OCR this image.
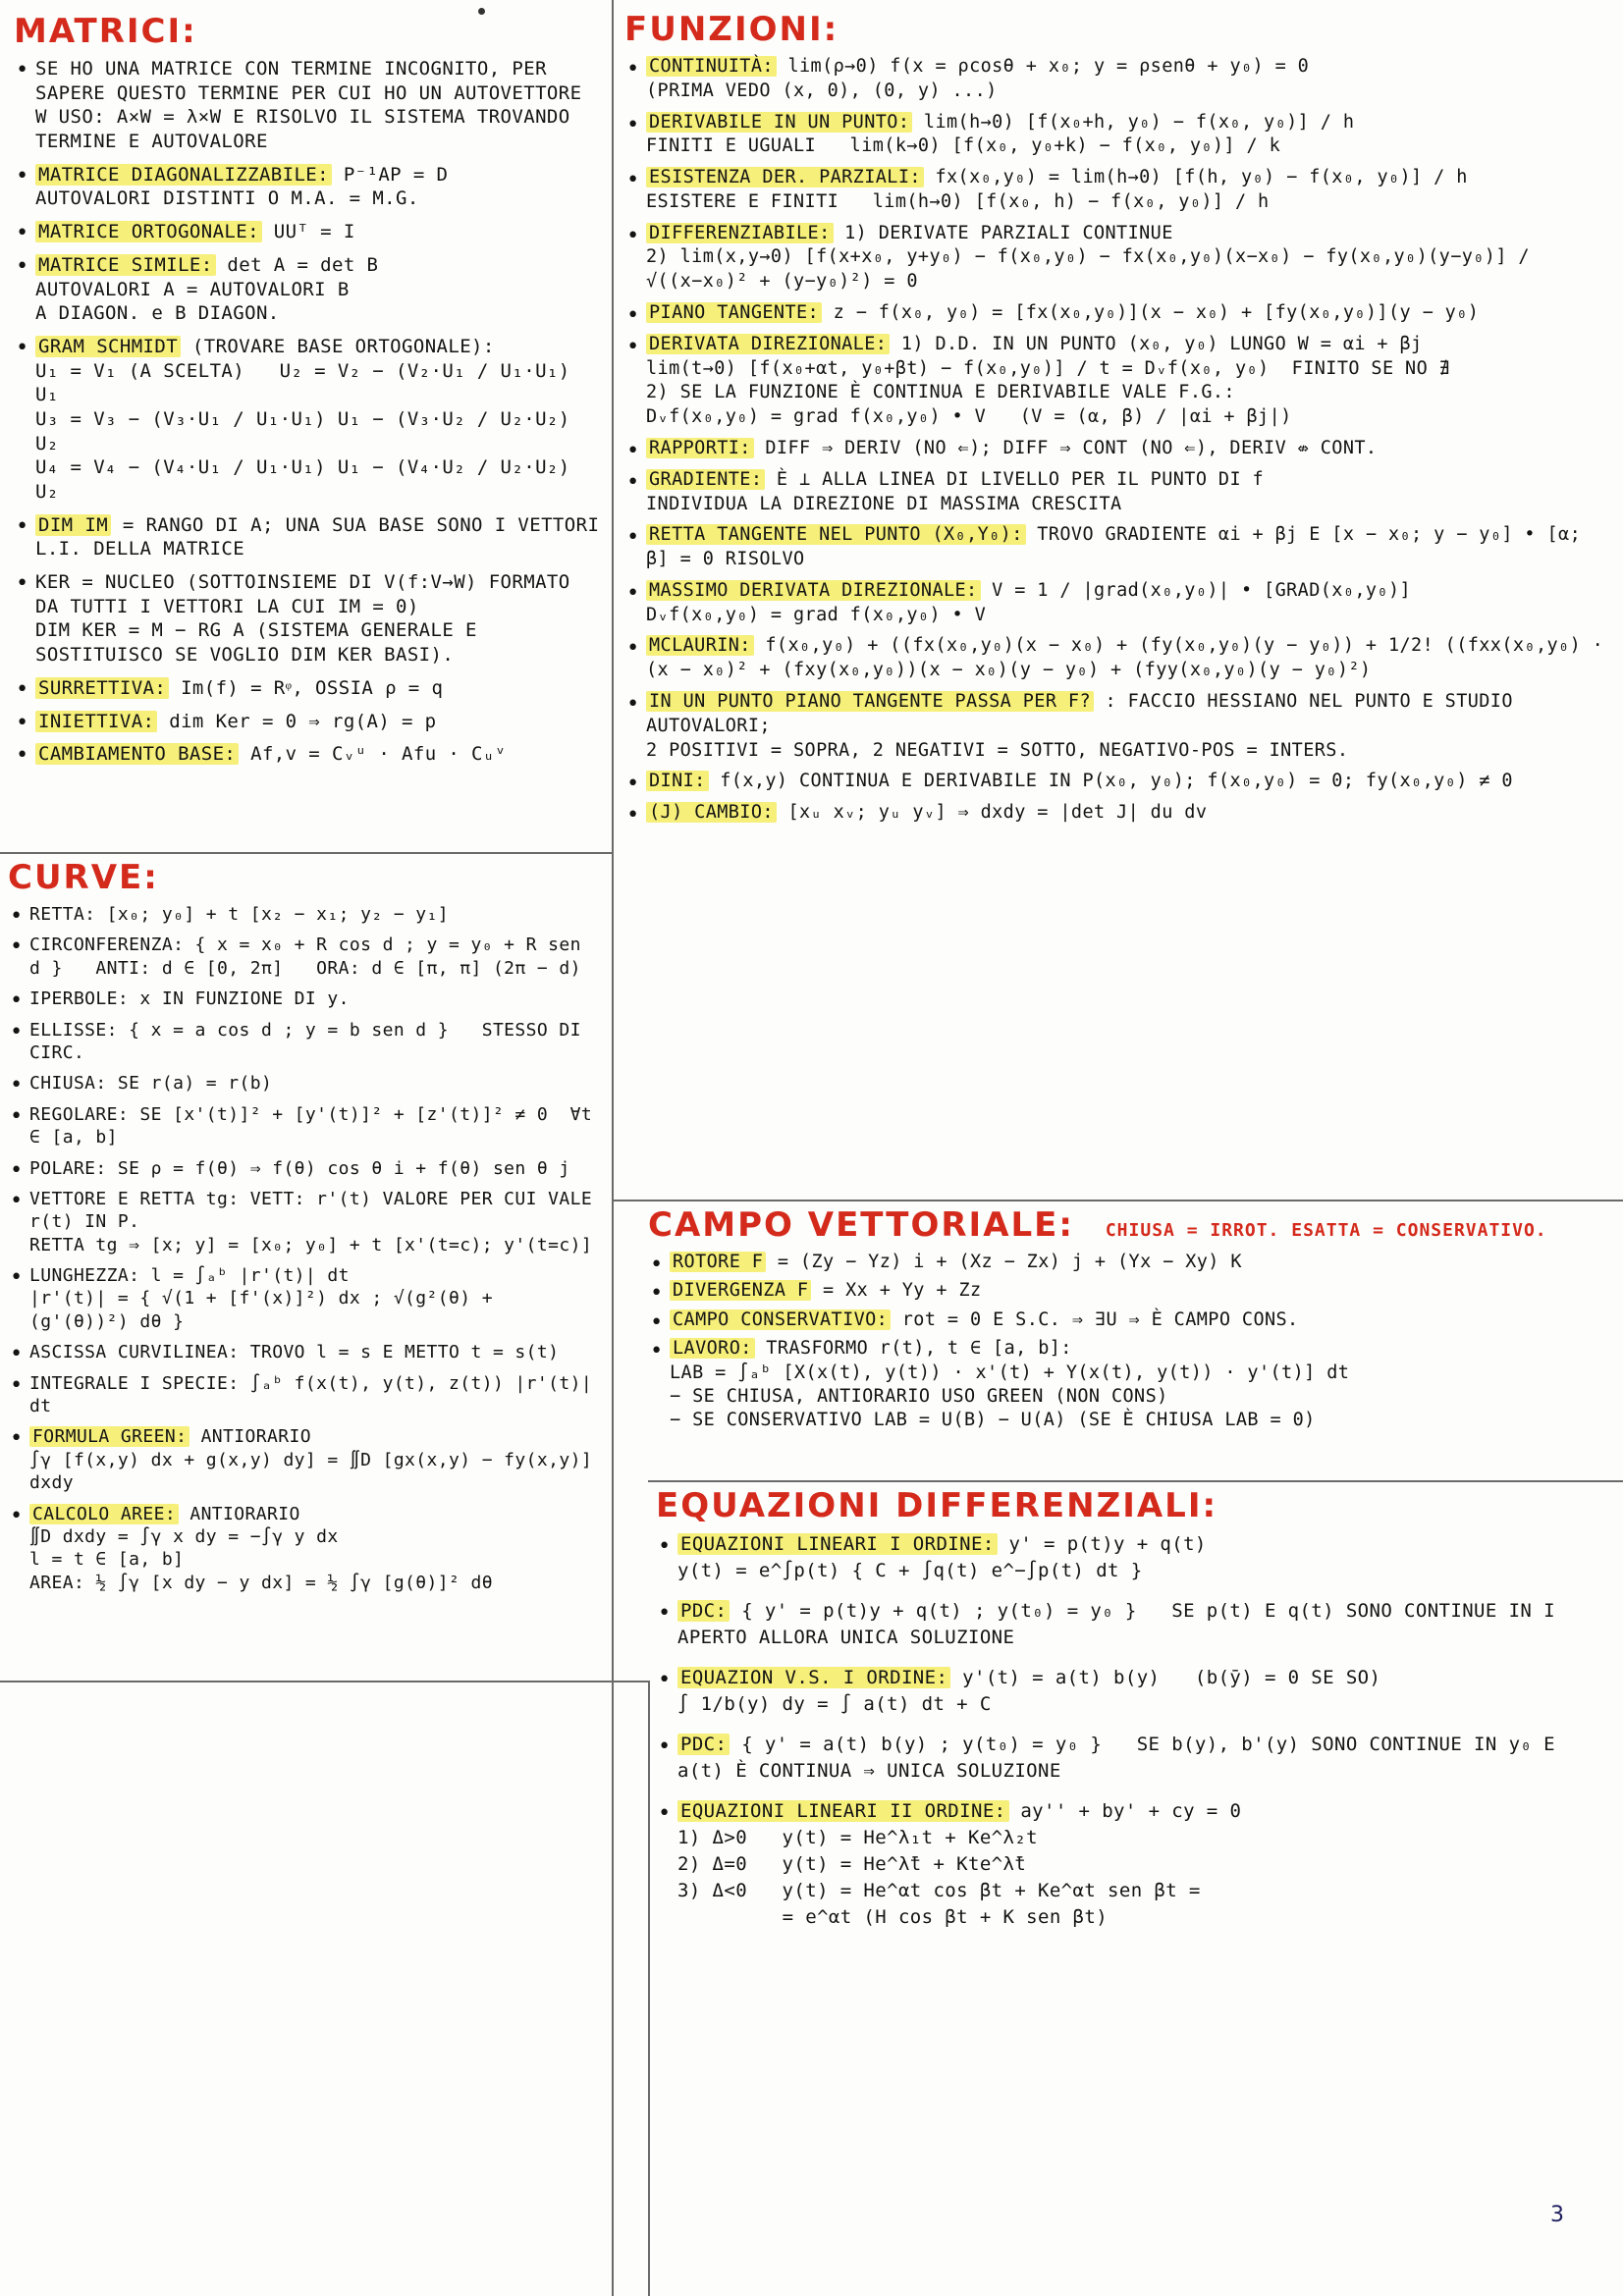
MATRICI:
• SE HO UNA MATRICE CON TERMINE INCOGNITO, PER SAPERE QUESTO TERMINE PER CUI HO UN AUTOVETTORE W USO: A×W = λ×W E RISOLVO IL SISTEMA TROVANDO TERMINE E AUTOVALORE
• MATRICE DIAGONALIZZABILE: P⁻¹AP = D
AUTOVALORI DISTINTI O M.A. = M.G.
• MATRICE ORTOGONALE: UUᵀ = I
• MATRICE SIMILE: det A = det B
AUTOVALORI A = AUTOVALORI B
A DIAGON. e B DIAGON.
• GRAM SCHMIDT (TROVARE BASE ORTOGONALE):
U₁ = V₁ (A SCELTA)   U₂ = V₂ − (V₂·U₁ / U₁·U₁) U₁
U₃ = V₃ − (V₃·U₁ / U₁·U₁) U₁ − (V₃·U₂ / U₂·U₂) U₂
U₄ = V₄ − (V₄·U₁ / U₁·U₁) U₁ − (V₄·U₂ / U₂·U₂) U₂
• DIM IM = RANGO DI A; UNA SUA BASE SONO I VETTORI L.I. DELLA MATRICE
• KER = NUCLEO (SOTTOINSIEME DI V(f:V→W) FORMATO DA TUTTI I VETTORI LA CUI IM = 0)
DIM KER = M − RG A (SISTEMA GENERALE E SOSTITUISCO SE VOGLIO DIM KER BASI).
• SURRETTIVA: Im(f) = Rᵠ, OSSIA ρ = q
• INIETTIVA: dim Ker = 0 ⇒ rg(A) = p
• CAMBIAMENTO BASE: Af,v = Cᵥᵘ · Afu · Cᵤᵛ
CURVE:
• RETTA: [x₀; y₀] + t [x₂ − x₁; y₂ − y₁]
• CIRCONFERENZA: { x = x₀ + R cos d ; y = y₀ + R sen d }   ANTI: d ∈ [0, 2π]   ORA: d ∈ [π, π] (2π − d)
• IPERBOLE: x IN FUNZIONE DI y.
• ELLISSE: { x = a cos d ; y = b sen d }   STESSO DI CIRC.
• CHIUSA: SE r(a) = r(b)
• REGOLARE: SE [x'(t)]² + [y'(t)]² + [z'(t)]² ≠ 0  ∀t ∈ [a, b]
• POLARE: SE ρ = f(θ) ⇒ f(θ) cos θ i + f(θ) sen θ j
• VETTORE E RETTA tg: VETT: r'(t) VALORE PER CUI VALE r(t) IN P.
RETTA tg ⇒ [x; y] = [x₀; y₀] + t [x'(t=c); y'(t=c)]
• LUNGHEZZA: l = ∫ₐᵇ |r'(t)| dt
|r'(t)| = { √(1 + [f'(x)]²) dx ; √(g²(θ) + (g'(θ))²) dθ }
• ASCISSA CURVILINEA: TROVO l = s E METTO t = s(t)
• INTEGRALE I SPECIE: ∫ₐᵇ f(x(t), y(t), z(t)) |r'(t)| dt
• FORMULA GREEN: ANTIORARIO
∫γ [f(x,y) dx + g(x,y) dy] = ∬D [gx(x,y) − fy(x,y)] dxdy
• CALCOLO AREE: ANTIORARIO
∬D dxdy = ∫γ x dy = −∫γ y dx
l = t ∈ [a, b]
AREA: ½ ∫γ [x dy − y dx] = ½ ∫γ [g(θ)]² dθ
FUNZIONI:
• CONTINUITÀ: lim(ρ→0) f(x = ρcosθ + x₀; y = ρsenθ + y₀) = 0
(PRIMA VEDO (x, 0), (0, y) ...)
• DERIVABILE IN UN PUNTO: lim(h→0) [f(x₀+h, y₀) − f(x₀, y₀)] / h
FINITI E UGUALI   lim(k→0) [f(x₀, y₀+k) − f(x₀, y₀)] / k
• ESISTENZA DER. PARZIALI: fx(x₀,y₀) = lim(h→0) [f(h, y₀) − f(x₀, y₀)] / h
ESISTERE E FINITI   lim(h→0) [f(x₀, h) − f(x₀, y₀)] / h
• DIFFERENZIABILE: 1) DERIVATE PARZIALI CONTINUE
2) lim(x,y→0) [f(x+x₀, y+y₀) − f(x₀,y₀) − fx(x₀,y₀)(x−x₀) − fy(x₀,y₀)(y−y₀)] / √((x−x₀)² + (y−y₀)²) = 0
• PIANO TANGENTE: z − f(x₀, y₀) = [fx(x₀,y₀)](x − x₀) + [fy(x₀,y₀)](y − y₀)
• DERIVATA DIREZIONALE: 1) D.D. IN UN PUNTO (x₀, y₀) LUNGO W = αi + βj
lim(t→0) [f(x₀+αt, y₀+βt) − f(x₀,y₀)] / t = Dᵥf(x₀, y₀)  FINITO SE NO ∄
2) SE LA FUNZIONE È CONTINUA E DERIVABILE VALE F.G.:
Dᵥf(x₀,y₀) = grad f(x₀,y₀) • V   (V = (α, β) / |αi + βj|)
• RAPPORTI: DIFF ⇒ DERIV (NO ⇐); DIFF ⇒ CONT (NO ⇐), DERIV ⇎ CONT.
• GRADIENTE: È ⊥ ALLA LINEA DI LIVELLO PER IL PUNTO DI f
INDIVIDUA LA DIREZIONE DI MASSIMA CRESCITA
• RETTA TANGENTE NEL PUNTO (X₀,Y₀): TROVO GRADIENTE αi + βj E [x − x₀; y − y₀] • [α; β] = 0 RISOLVO
• MASSIMO DERIVATA DIREZIONALE: V = 1 / |grad(x₀,y₀)| • [GRAD(x₀,y₀)]
Dᵥf(x₀,y₀) = grad f(x₀,y₀) • V
• MCLAURIN: f(x₀,y₀) + ((fx(x₀,y₀)(x − x₀) + (fy(x₀,y₀)(y − y₀)) + 1/2! ((fxx(x₀,y₀) · (x − x₀)² + (fxy(x₀,y₀))(x − x₀)(y − y₀) + (fyy(x₀,y₀)(y − y₀)²)
• IN UN PUNTO PIANO TANGENTE PASSA PER F? : FACCIO HESSIANO NEL PUNTO E STUDIO AUTOVALORI;
2 POSITIVI = SOPRA, 2 NEGATIVI = SOTTO, NEGATIVO-POS = INTERS.
• DINI: f(x,y) CONTINUA E DERIVABILE IN P(x₀, y₀); f(x₀,y₀) = 0; fy(x₀,y₀) ≠ 0
• (J) CAMBIO: [xᵤ xᵥ; yᵤ yᵥ] ⇒ dxdy = |det J| du dv
CAMPO VETTORIALE: CHIUSA = IRROT. ESATTA = CONSERVATIVO.
• ROTORE F = (Zy − Yz) i + (Xz − Zx) j + (Yx − Xy) K
• DIVERGENZA F = Xx + Yy + Zz
• CAMPO CONSERVATIVO: rot = 0 E S.C. ⇒ ∃U ⇒ È CAMPO CONS.
• LAVORO: TRASFORMO r(t), t ∈ [a, b]:
LAB = ∫ₐᵇ [X(x(t), y(t)) · x'(t) + Y(x(t), y(t)) · y'(t)] dt
− SE CHIUSA, ANTIORARIO USO GREEN (NON CONS)
− SE CONSERVATIVO LAB = U(B) − U(A) (SE È CHIUSA LAB = 0)
EQUAZIONI DIFFERENZIALI:
• EQUAZIONI LINEARI I ORDINE: y' = p(t)y + q(t)
y(t) = e^∫p(t) { C + ∫q(t) e^−∫p(t) dt }
• PDC: { y' = p(t)y + q(t) ; y(t₀) = y₀ }   SE p(t) E q(t) SONO CONTINUE IN I APERTO ALLORA UNICA SOLUZIONE
• EQUAZION V.S. I ORDINE: y'(t) = a(t) b(y)   (b(ȳ) = 0 SE SO)
∫ 1/b(y) dy = ∫ a(t) dt + C
• PDC: { y' = a(t) b(y) ; y(t₀) = y₀ }   SE b(y), b'(y) SONO CONTINUE IN y₀ E a(t) È CONTINUA ⇒ UNICA SOLUZIONE
• EQUAZIONI LINEARI II ORDINE: ay'' + by' + cy = 0
1) Δ>0   y(t) = He^λ₁t + Ke^λ₂t
2) Δ=0   y(t) = He^λ̄t + Kte^λ̄t
3) Δ<0   y(t) = He^αt cos βt + Ke^αt sen βt =
= e^αt (H cos βt + K sen βt)
3
